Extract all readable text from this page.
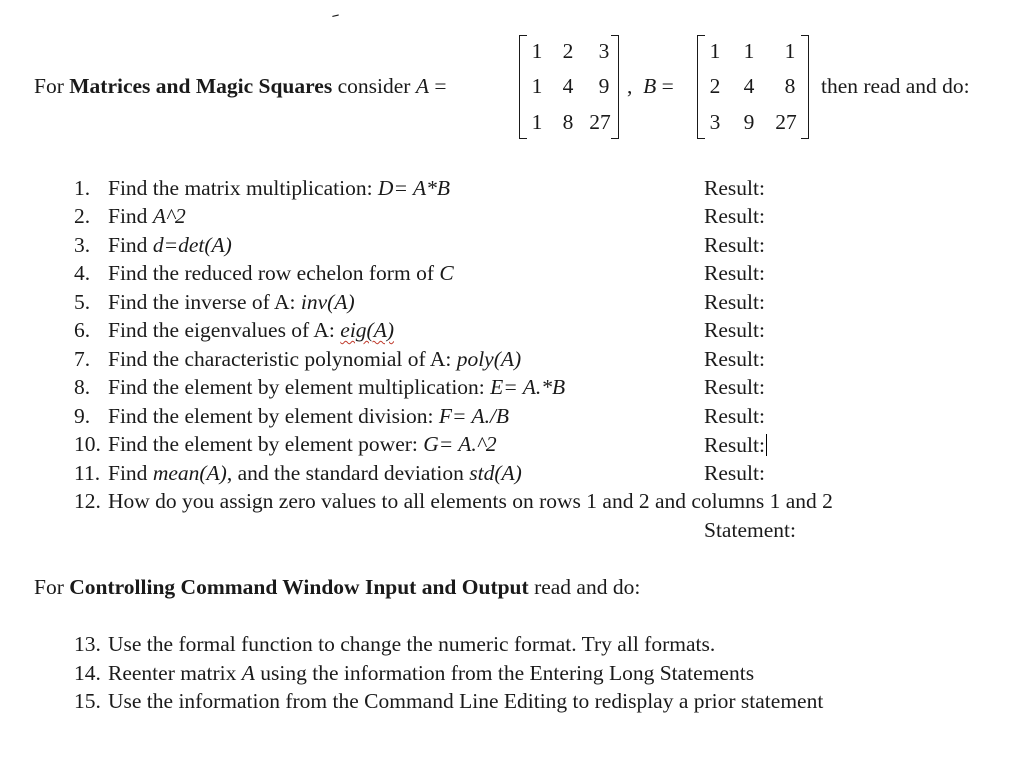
For Matrices and Magic Squares consider A =
1 2	3
1 4	9
1 8 27
, B =
1	1	1
2	4	8
3	9 27
then read and do:
1. Find the matrix multiplication: D= A*B	Result:
2. Find A^2	Result:
3. Find d=det(A)	Result:
4. Find the reduced row echelon form of C	Result:
5. Find the inverse of A: inv(A)	Result:
6. Find the eigenvalues of A: eig(A)	Result:
7. Find the characteristic polynomial of A: poly(A)	Result:
8. Find the element by element multiplication: E= A.*B	Result:
9. Find the element by element division: F= A./B	Result:
10. Find the element by element power: G= A.^2	Result:
11. Find mean(A), and the standard deviation std(A)	Result:
12. How do you assign zero values to all elements on rows 1 and 2 and columns 1 and 2
Statement:
For Controlling Command Window Input and Output read and do:
13. Use the formal function to change the numeric format. Try all formats.
14. Reenter matrix A using the information from the Entering Long Statements
15. Use the information from the Command Line Editing to redisplay a prior statement
